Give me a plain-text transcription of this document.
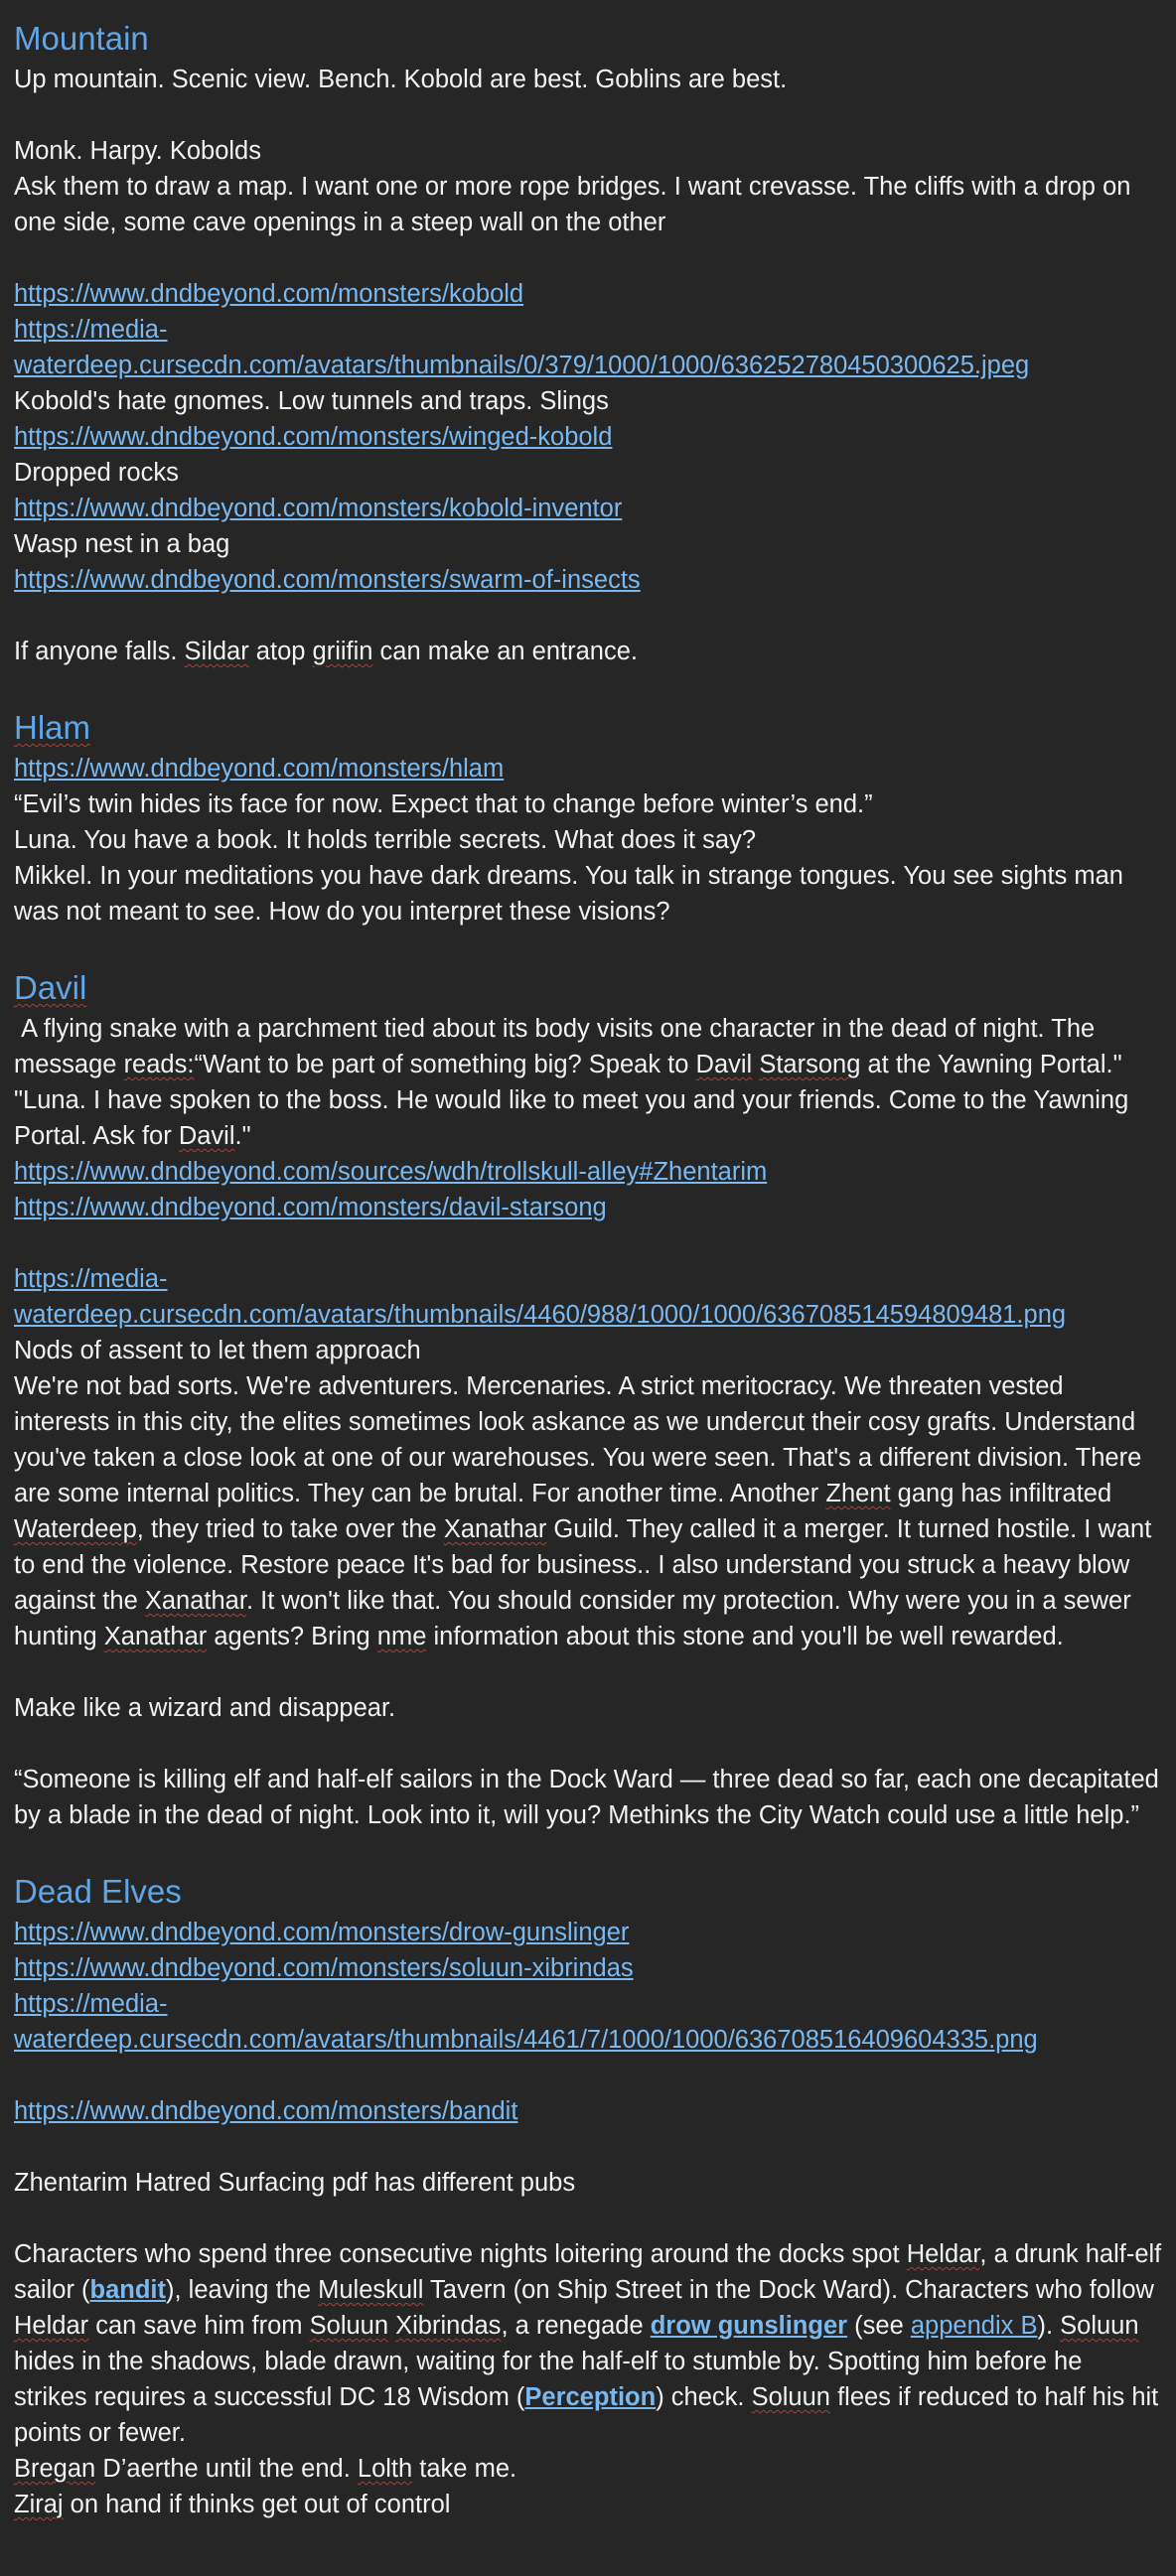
Mountain

Up mountain. Scenic view. Bench. Kobold are best. Goblins are best.

Monk. Harpy. Kobolds

Ask them to draw a map. I want one or more rope bridges. I want crevasse. The cliffs with a drop on one side, some cave openings in a steep wall on the other

https://www.dndbeyond.com/monsters/kobold

https://media-waterdeep.cursecdn.com/avatars/thumbnails/0/379/1000/1000/636252780450300625.jpeg

Kobold's hate gnomes. Low tunnels and traps. Slings

https://www.dndbeyond.com/monsters/winged-kobold

Dropped rocks

https://www.dndbeyond.com/monsters/kobold-inventor

Wasp nest in a bag

https://www.dndbeyond.com/monsters/swarm-of-insects

If anyone falls. Sildar atop griifin can make an entrance.

Hlam

https://www.dndbeyond.com/monsters/hlam

“Evil’s twin hides its face for now. Expect that to change before winter’s end.”

Luna. You have a book. It holds terrible secrets. What does it say?

Mikkel. In your meditations you have dark dreams. You talk in strange tongues. You see sights man was not meant to see. How do you interpret these visions?

Davil

A flying snake with a parchment tied about its body visits one character in the dead of night. The message reads:“Want to be part of something big? Speak to Davil Starsong at the Yawning Portal." "Luna. I have spoken to the boss. He would like to meet you and your friends. Come to the Yawning Portal. Ask for Davil."

https://www.dndbeyond.com/sources/wdh/trollskull-alley#Zhentarim

https://www.dndbeyond.com/monsters/davil-starsong

https://media-waterdeep.cursecdn.com/avatars/thumbnails/4460/988/1000/1000/636708514594809481.png

Nods of assent to let them approach

We're not bad sorts. We're adventurers. Mercenaries. A strict meritocracy. We threaten vested interests in this city, the elites sometimes look askance as we undercut their cosy grafts. Understand you've taken a close look at one of our warehouses. You were seen. That's a different division. There are some internal politics. They can be brutal. For another time. Another Zhent gang has infiltrated Waterdeep, they tried to take over the Xanathar Guild. They called it a merger. It turned hostile. I want to end the violence. Restore peace It's bad for business.. I also understand you struck a heavy blow against the Xanathar. It won't like that. You should consider my protection. Why were you in a sewer hunting Xanathar agents? Bring nme information about this stone and you'll be well rewarded.

Make like a wizard and disappear.

“Someone is killing elf and half-elf sailors in the Dock Ward — three dead so far, each one decapitated by a blade in the dead of night. Look into it, will you? Methinks the City Watch could use a little help.”

Dead Elves

https://www.dndbeyond.com/monsters/drow-gunslinger

https://www.dndbeyond.com/monsters/soluun-xibrindas

https://media-waterdeep.cursecdn.com/avatars/thumbnails/4461/7/1000/1000/636708516409604335.png

https://www.dndbeyond.com/monsters/bandit

Zhentarim Hatred Surfacing pdf has different pubs

Characters who spend three consecutive nights loitering around the docks spot Heldar, a drunk half-elf sailor (bandit), leaving the Muleskull Tavern (on Ship Street in the Dock Ward). Characters who follow Heldar can save him from Soluun Xibrindas, a renegade drow gunslinger (see appendix B). Soluun hides in the shadows, blade drawn, waiting for the half-elf to stumble by. Spotting him before he strikes requires a successful DC 18 Wisdom (Perception) check. Soluun flees if reduced to half his hit points or fewer.

Bregan D’aerthe until the end. Lolth take me.

Ziraj on hand if thinks get out of control
